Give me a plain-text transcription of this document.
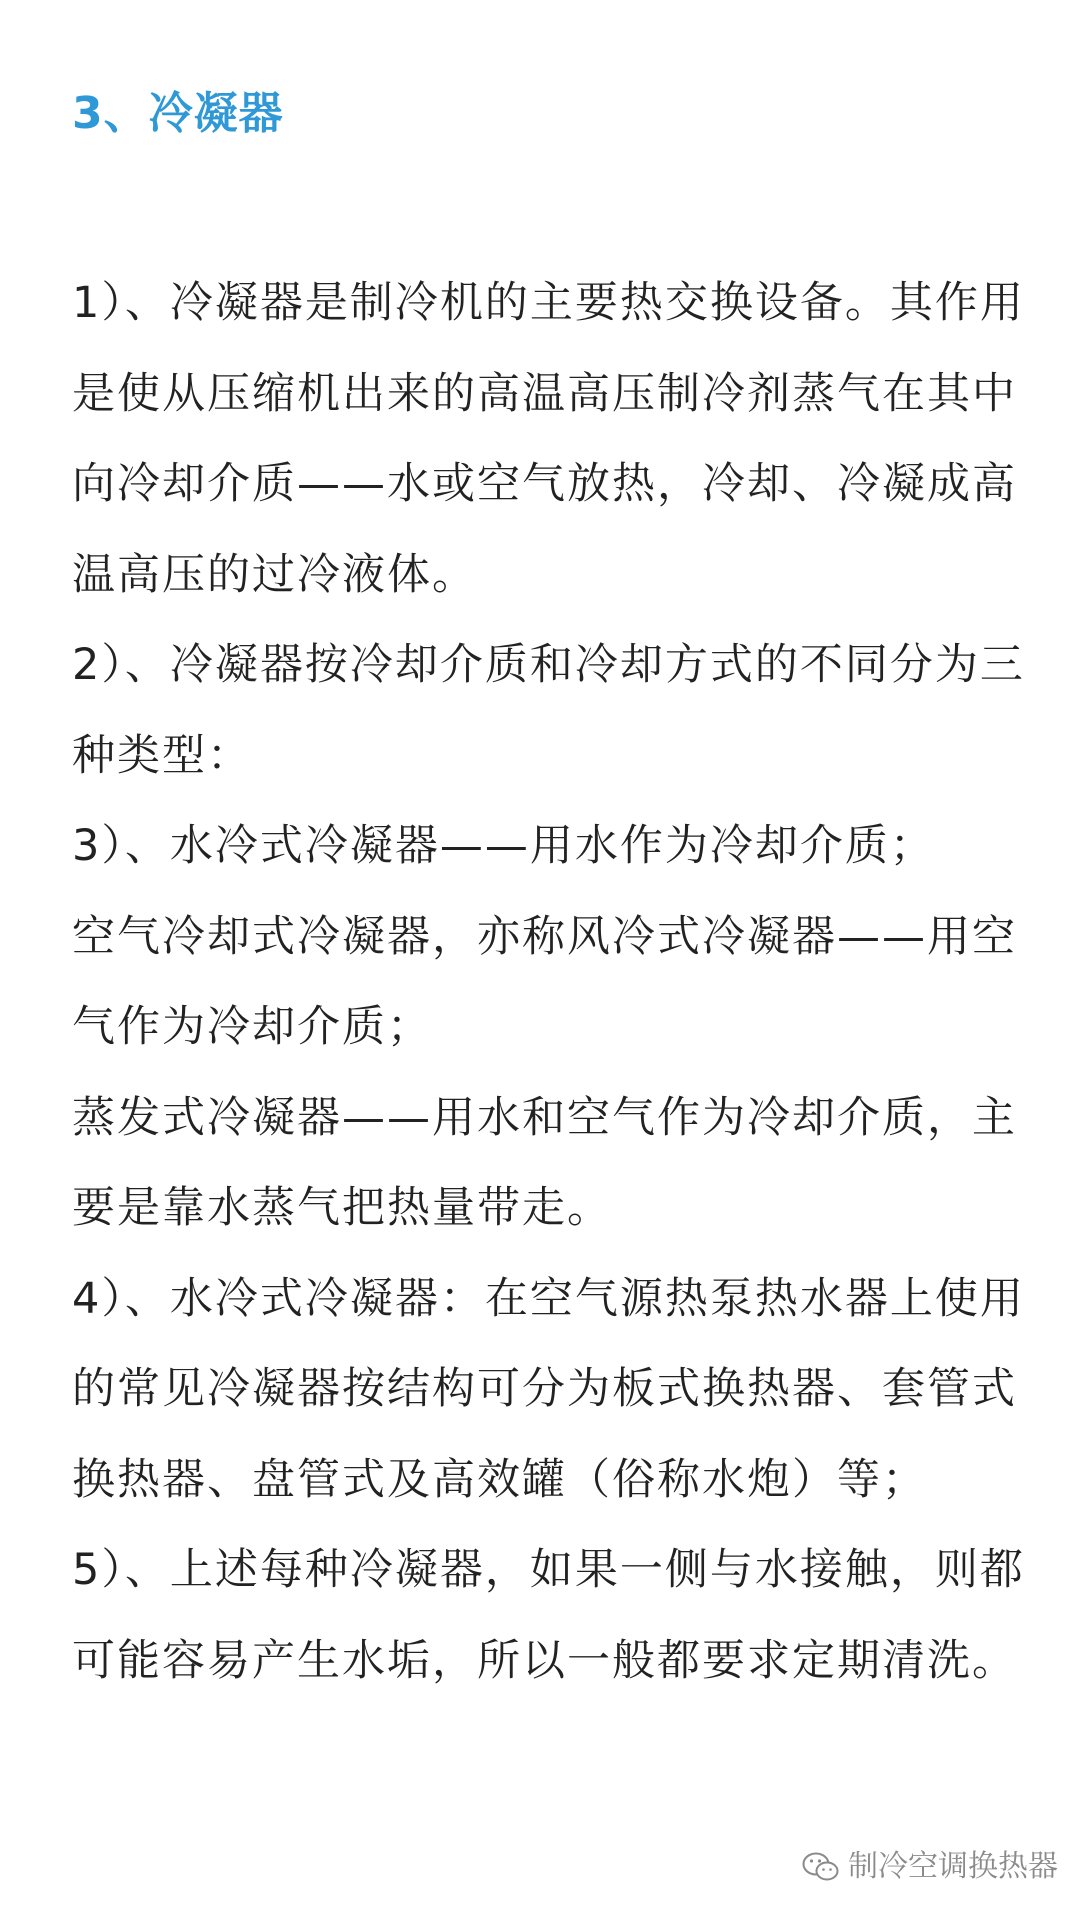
3、冷凝器

1）、冷凝器是制冷机的主要热交换设备。其作用是使从压缩机出来的高温高压制冷剂蒸气在其中向冷却介质——水或空气放热，冷却、冷凝成高温高压的过冷液体。

2）、冷凝器按冷却介质和冷却方式的不同分为三种类型：

3）、水冷式冷凝器——用水作为冷却介质；

空气冷却式冷凝器，亦称风冷式冷凝器——用空气作为冷却介质；

蒸发式冷凝器——用水和空气作为冷却介质，主要是靠水蒸气把热量带走。

4）、水冷式冷凝器：在空气源热泵热水器上使用的常见冷凝器按结构可分为板式换热器、套管式换热器、盘管式及高效罐（俗称水炮）等；

5）、上述每种冷凝器，如果一侧与水接触，则都可能容易产生水垢，所以一般都要求定期清洗。

制冷空调换热器
